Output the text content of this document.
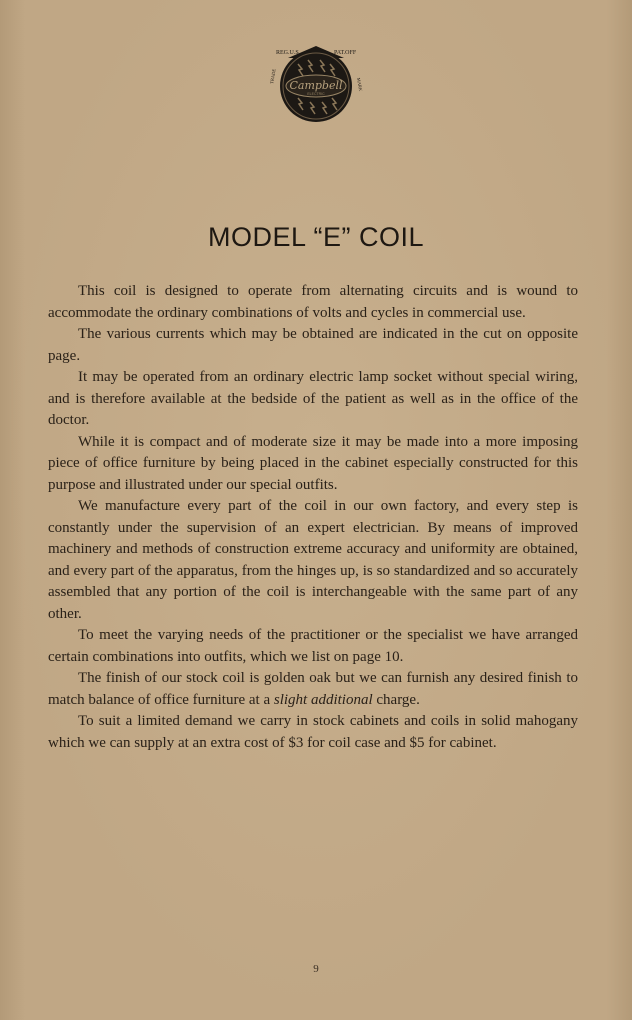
REG.U.S.	PAT.OFF
Campbell
ELECTRIC
TRADE
MARK
MODEL “E” COIL

This coil is designed to operate from alternating circuits and is wound to accommodate the ordinary combinations of volts and cycles in commercial use.

The various currents which may be obtained are indicated in the cut on opposite page.

It may be operated from an ordinary electric lamp socket without special wiring, and is therefore available at the bedside of the patient as well as in the office of the doctor.

While it is compact and of moderate size it may be made into a more imposing piece of office furniture by being placed in the cabinet especially constructed for this purpose and illustrated under our special outfits.

We manufacture every part of the coil in our own factory, and every step is constantly under the supervision of an expert electrician. By means of improved machinery and methods of construction extreme accuracy and uniformity are obtained, and every part of the apparatus, from the hinges up, is so standardized and so accurately assembled that any portion of the coil is interchangeable with the same part of any other.

To meet the varying needs of the practitioner or the specialist we have arranged certain combinations into outfits, which we list on page 10.

The finish of our stock coil is golden oak but we can furnish any desired finish to match balance of office furniture at a slight additional charge.

To suit a limited demand we carry in stock cabinets and coils in solid mahogany which we can supply at an extra cost of $3 for coil case and $5 for cabinet.

9
